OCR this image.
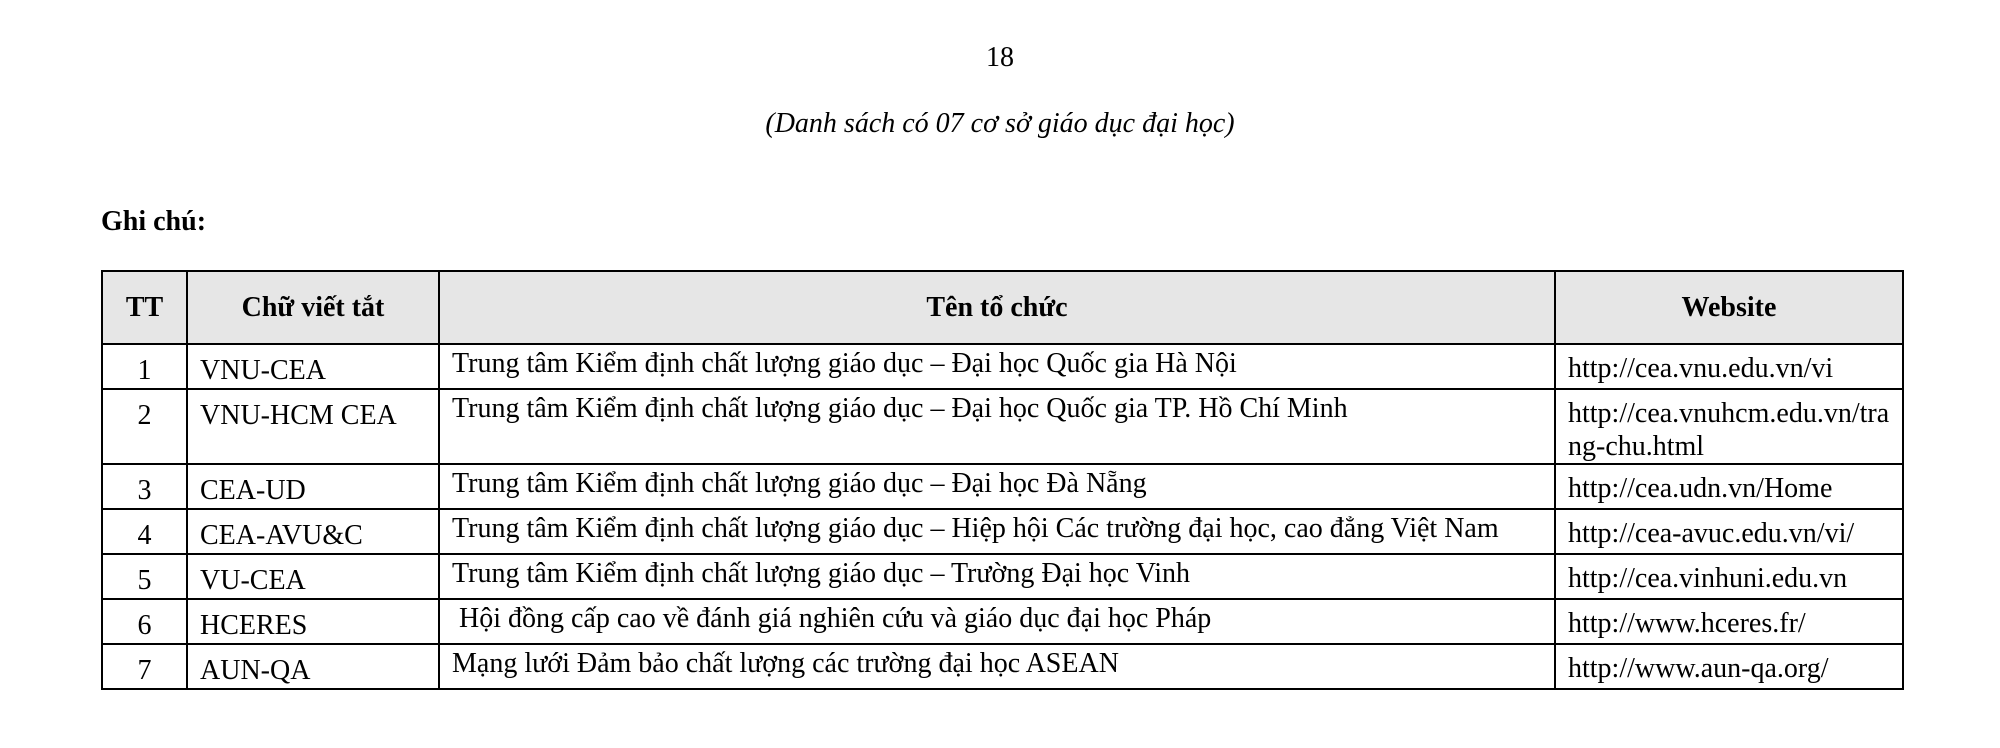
18
(Danh sách có 07 cơ sở giáo dục đại học)
Ghi chú:
TT	Chữ viết tắt	Tên tổ chức	Website
1	VNU-CEA	Trung tâm Kiểm định chất lượng giáo dục – Đại học Quốc gia Hà Nội	http://cea.vnu.edu.vn/vi
2	VNU-HCM CEA	Trung tâm Kiểm định chất lượng giáo dục – Đại học Quốc gia TP. Hồ Chí Minh	http://cea.vnuhcm.edu.vn/trang-chu.html
3	CEA-UD	Trung tâm Kiểm định chất lượng giáo dục – Đại học Đà Nẵng	http://cea.udn.vn/Home
4	CEA-AVU&C	Trung tâm Kiểm định chất lượng giáo dục – Hiệp hội Các trường đại học, cao đẳng Việt Nam	http://cea-avuc.edu.vn/vi/
5	VU-CEA	Trung tâm Kiểm định chất lượng giáo dục – Trường Đại học Vinh	http://cea.vinhuni.edu.vn
6	HCERES	Hội đồng cấp cao về đánh giá nghiên cứu và giáo dục đại học Pháp	http://www.hceres.fr/
7	AUN-QA	Mạng lưới Đảm bảo chất lượng các trường đại học ASEAN	http://www.aun-qa.org/
